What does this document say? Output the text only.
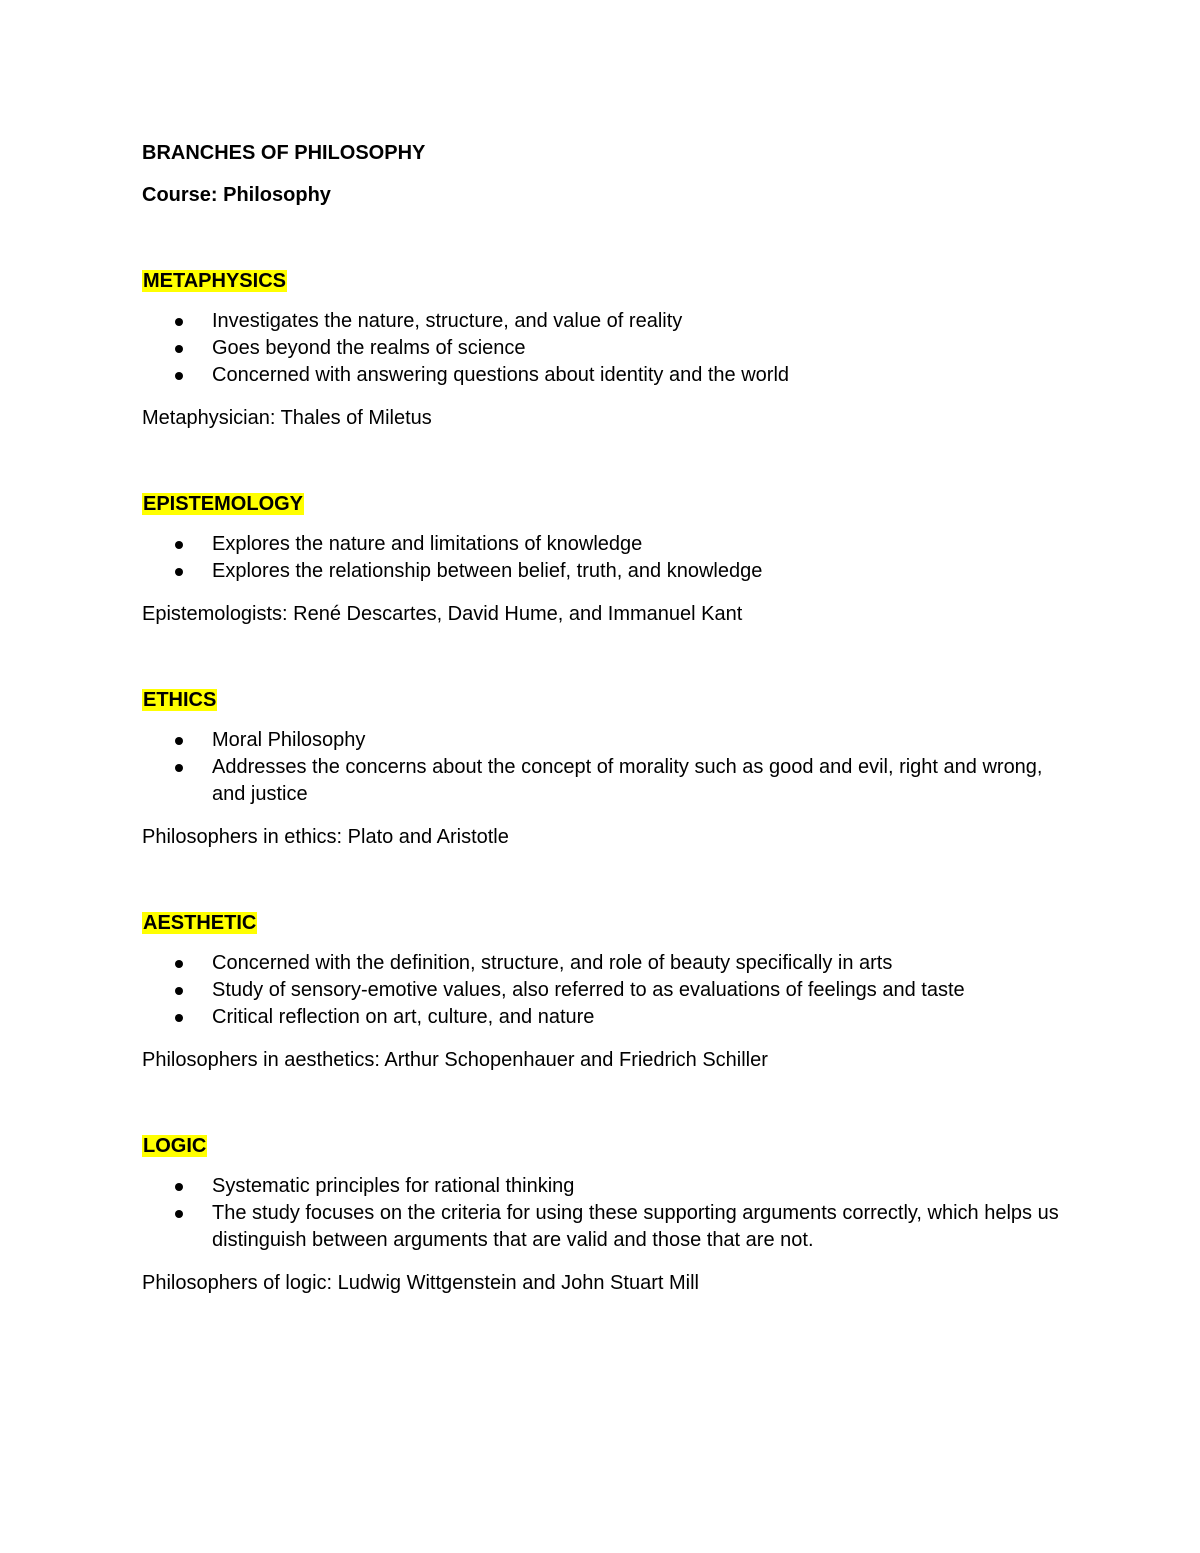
BRANCHES OF PHILOSOPHY
Course: Philosophy
METAPHYSICS
Investigates the nature, structure, and value of reality
Goes beyond the realms of science
Concerned with answering questions about identity and the world
Metaphysician: Thales of Miletus
EPISTEMOLOGY
Explores the nature and limitations of knowledge
Explores the relationship between belief, truth, and knowledge
Epistemologists: René Descartes, David Hume, and Immanuel Kant
ETHICS
Moral Philosophy
Addresses the concerns about the concept of morality such as good and evil, right and wrong, and justice
Philosophers in ethics: Plato and Aristotle
AESTHETIC
Concerned with the definition, structure, and role of beauty specifically in arts
Study of sensory-emotive values, also referred to as evaluations of feelings and taste
Critical reflection on art, culture, and nature
Philosophers in aesthetics: Arthur Schopenhauer and Friedrich Schiller
LOGIC
Systematic principles for rational thinking
The study focuses on the criteria for using these supporting arguments correctly, which helps us distinguish between arguments that are valid and those that are not.
Philosophers of logic: Ludwig Wittgenstein and John Stuart Mill
